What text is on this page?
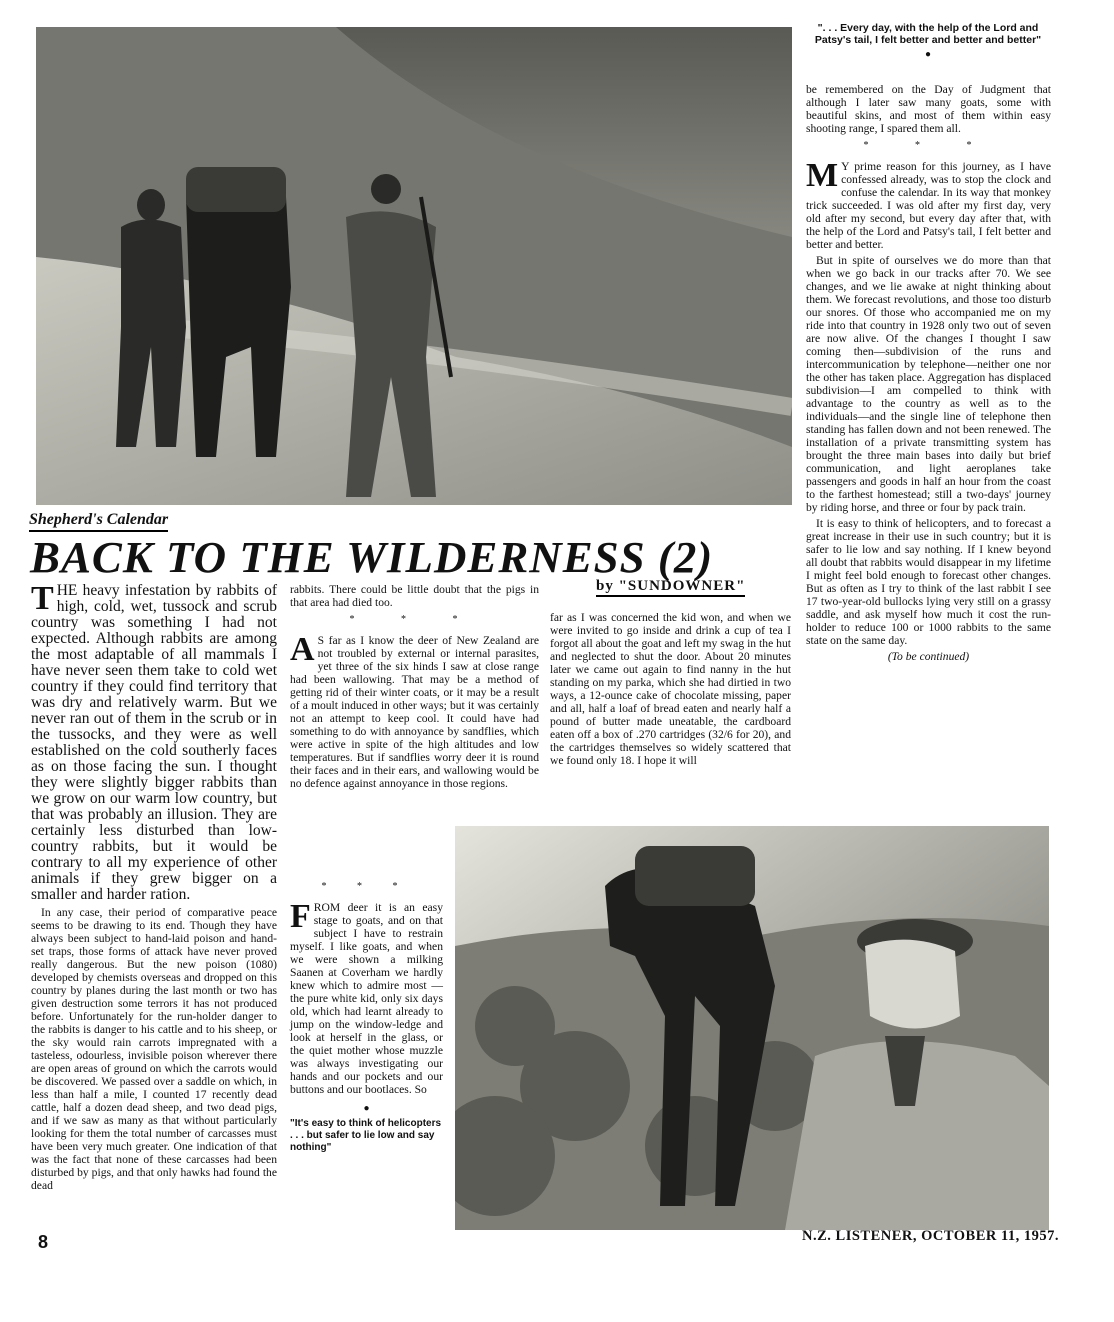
". . . Every day, with the help of the Lord and Patsy's tail, I felt better and better and better"
●
Shepherd's Calendar
BACK TO THE WILDERNESS (2)
by "SUNDOWNER"

THE heavy infestation by rabbits of high, cold, wet, tussock and scrub country was something I had not expected. Although rabbits are among the most adaptable of all mammals I have never seen them take to cold wet country if they could find territory that was dry and relatively warm. But we never ran out of them in the scrub or in the tussocks, and they were as well established on the cold southerly faces as on those facing the sun. I thought they were slightly bigger rabbits than we grow on our warm low country, but that was probably an illusion. They are certainly less disturbed than low-country rabbits, but it would be contrary to all my experience of other animals if they grew bigger on a smaller and harder ration.

In any case, their period of comparative peace seems to be drawing to its end. Though they have always been subject to hand-laid poison and hand-set traps, those forms of attack have never proved really dangerous. But the new poison (1080) developed by chemists overseas and dropped on this country by planes during the last month or two has given destruction some terrors it has not produced before. Unfortunately for the run-holder danger to the rabbits is danger to his cattle and to his sheep, or the sky would rain carrots impregnated with a tasteless, odourless, invisible poison wherever there are open areas of ground on which the carrots would be discovered. We passed over a saddle on which, in less than half a mile, I counted 17 recently dead cattle, half a dozen dead sheep, and two dead pigs, and if we saw as many as that without particularly looking for them the total number of carcasses must have been very much greater. One indication of that was the fact that none of these carcasses had been disturbed by pigs, and that only hawks had found the dead

rabbits. There could be little doubt that the pigs in that area had died too.

* * *

A S far as I know the deer of New Zealand are not troubled by external or internal parasites, yet three of the six hinds I saw at close range had been wallowing. That may be a method of getting rid of their winter coats, or it may be a result of a moult induced in other ways; but it was certainly not an attempt to keep cool. It could have had something to do with annoyance by sandflies, which were active in spite of the high altitudes and low temperatures. But if sandflies worry deer it is round their faces and in their ears, and wallowing would be no defence against annoyance in those regions.

* * *

FROM deer it is an easy stage to goats, and on that subject I have to restrain myself. I like goats, and when we were shown a milking Saanen at Coverham we hardly knew which to admire most — the pure white kid, only six days old, which had learnt already to jump on the window-ledge and look at herself in the glass, or the quiet mother whose muzzle was always investigating our hands and our pockets and our buttons and our bootlaces. So

●
"It's easy to think of helicopters . . . but safer to lie low and say nothing"

far as I was concerned the kid won, and when we were invited to go inside and drink a cup of tea I forgot all about the goat and left my swag in the hut and neglected to shut the door. About 20 minutes later we came out again to find nanny in the hut standing on my parka, which she had dirtied in two ways, a 12-ounce cake of chocolate missing, paper and all, half a loaf of bread eaten and nearly half a pound of butter made uneatable, the cardboard eaten off a box of .270 cartridges (32/6 for 20), and the cartridges themselves so widely scattered that we found only 18. I hope it will

be remembered on the Day of Judgment that although I later saw many goats, some with beautiful skins, and most of them within easy shooting range, I spared them all.

* * *

M Y prime reason for this journey, as I have confessed already, was to stop the clock and confuse the calendar. In its way that monkey trick succeeded. I was old after my first day, very old after my second, but every day after that, with the help of the Lord and Patsy's tail, I felt better and better and better.

But in spite of ourselves we do more than that when we go back in our tracks after 70. We see changes, and we lie awake at night thinking about them. We forecast revolutions, and those too disturb our snores. Of those who accompanied me on my ride into that country in 1928 only two out of seven are now alive. Of the changes I thought I saw coming then—subdivision of the runs and intercommunication by telephone—neither one nor the other has taken place. Aggregation has displaced subdivision—I am compelled to think with advantage to the country as well as to the individuals—and the single line of telephone then standing has fallen down and not been renewed. The installation of a private transmitting system has brought the three main bases into daily but brief communication, and light aeroplanes take passengers and goods in half an hour from the coast to the farthest homestead; still a two-days' journey by riding horse, and three or four by pack train.

It is easy to think of helicopters, and to forecast a great increase in their use in such country; but it is safer to lie low and say nothing. If I knew beyond all doubt that rabbits would disappear in my lifetime I might feel bold enough to forecast other changes. But as often as I try to think of the last rabbit I see 17 two-year-old bullocks lying very still on a grassy saddle, and ask myself how much it cost the run-holder to reduce 100 or 1000 rabbits to the same state on the same day.

(To be continued)
8	N.Z. LISTENER, OCTOBER 11, 1957.
